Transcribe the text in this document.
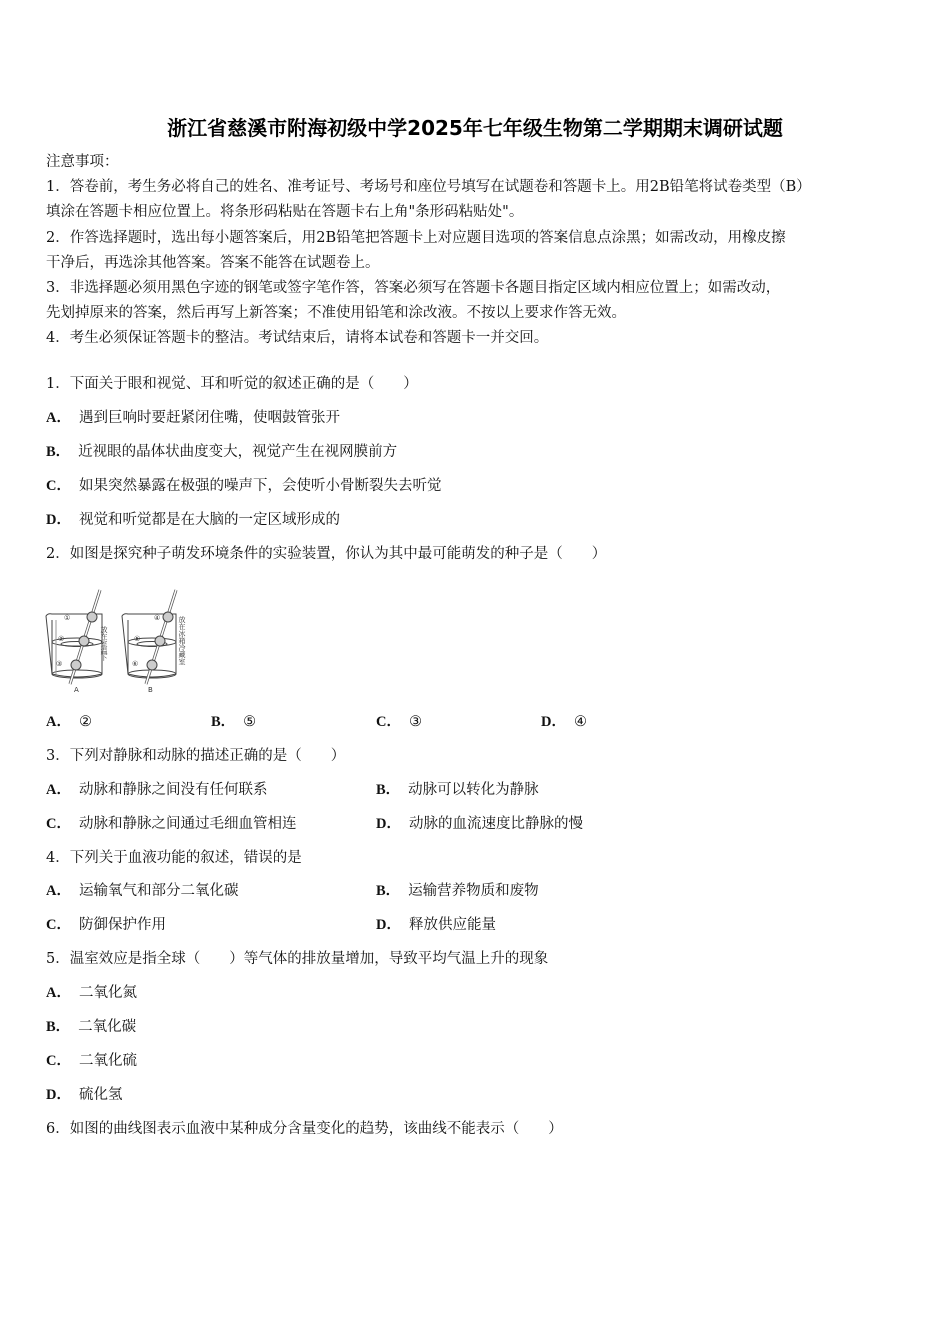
浙江省慈溪市附海初级中学2025年七年级生物第二学期期末调研试题

注意事项：

1．答卷前，考生务必将自己的姓名、准考证号、考场号和座位号填写在试题卷和答题卡上。用2B铅笔将试卷类型（B）

填涂在答题卡相应位置上。将条形码粘贴在答题卡右上角"条形码粘贴处"。

2．作答选择题时，选出每小题答案后，用2B铅笔把答题卡上对应题目选项的答案信息点涂黑；如需改动，用橡皮擦

干净后，再选涂其他答案。答案不能答在试题卷上。

3．非选择题必须用黑色字迹的钢笔或签字笔作答，答案必须写在答题卡各题目指定区域内相应位置上；如需改动，

先划掉原来的答案，然后再写上新答案；不准使用铅笔和涂改液。不按以上要求作答无效。

4．考生必须保证答题卡的整洁。考试结束后，请将本试卷和答题卡一并交回。

1．下面关于眼和视觉、耳和听觉的叙述正确的是（　　）
A． 遇到巨响时要赶紧闭住嘴，使咽鼓管张开
B． 近视眼的晶体状曲度变大，视觉产生在视网膜前方
C． 如果突然暴露在极强的噪声下，会使听小骨断裂失去听觉
D． 视觉和听觉都是在大脑的一定区域形成的
2．如图是探究种子萌发环境条件的实验装置，你认为其中最可能萌发的种子是（　　）
①
②
③
放在室温下
A
④
⑤
⑥	放在冰箱冷藏室
B
A． ②	B． ⑤	C． ③	D． ④
3．下列对静脉和动脉的描述正确的是（　　）
A． 动脉和静脉之间没有任何联系	B． 动脉可以转化为静脉
C． 动脉和静脉之间通过毛细血管相连	D． 动脉的血流速度比静脉的慢
4．下列关于血液功能的叙述，错误的是
A． 运输氧气和部分二氧化碳	B． 运输营养物质和废物
C． 防御保护作用	D． 释放供应能量
5．温室效应是指全球（　　）等气体的排放量增加，导致平均气温上升的现象
A． 二氧化氮
B． 二氧化碳
C． 二氧化硫
D． 硫化氢
6．如图的曲线图表示血液中某种成分含量变化的趋势，该曲线不能表示（　　）
